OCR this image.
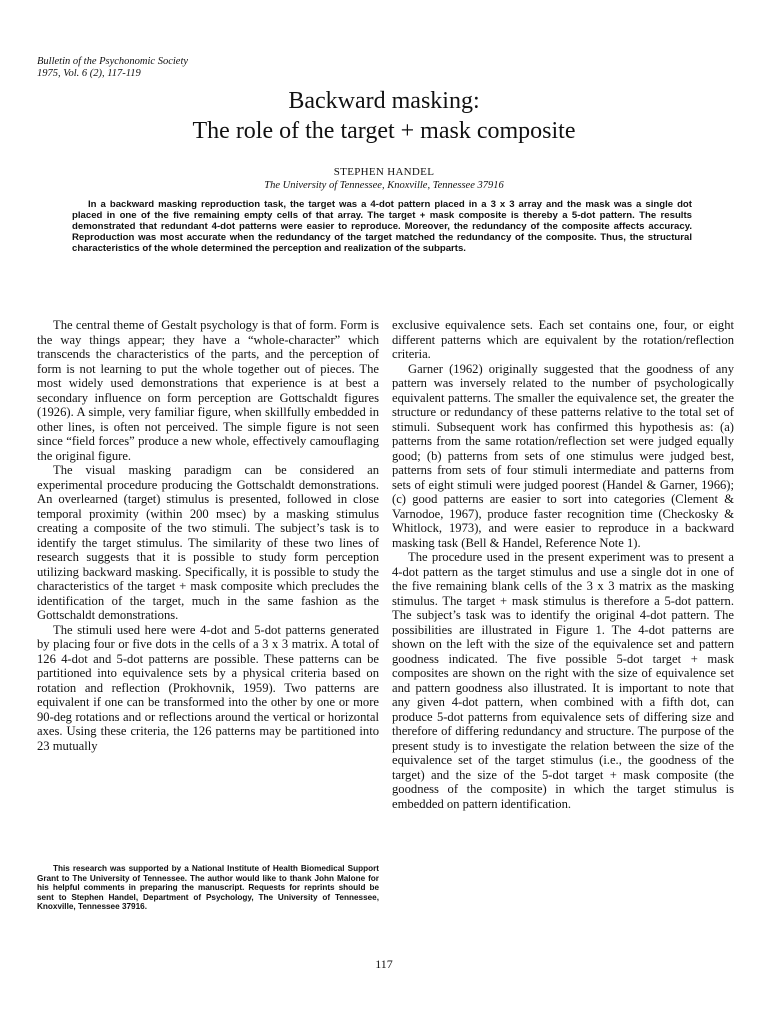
Bulletin of the Psychonomic Society
1975, Vol. 6 (2), 117-119
Backward masking:
The role of the target + mask composite
STEPHEN HANDEL
The University of Tennessee, Knoxville, Tennessee 37916

In a backward masking reproduction task, the target was a 4-dot pattern placed in a 3 x 3 array and the mask was a single dot placed in one of the five remaining empty cells of that array. The target + mask composite is thereby a 5-dot pattern. The results demonstrated that redundant 4-dot patterns were easier to reproduce. Moreover, the redundancy of the composite affects accuracy. Reproduction was most accurate when the redundancy of the target matched the redundancy of the composite. Thus, the structural characteristics of the whole determined the perception and realization of the subparts.

The central theme of Gestalt psychology is that of form. Form is the way things appear; they have a “whole-character” which transcends the characteristics of the parts, and the perception of form is not learning to put the whole together out of pieces. The most widely used demonstrations that experience is at best a secondary influence on form perception are Gottschaldt figures (1926). A simple, very familiar figure, when skillfully embedded in other lines, is often not perceived. The simple figure is not seen since “field forces” produce a new whole, effectively camouflaging the original figure.

The visual masking paradigm can be considered an experimental procedure producing the Gottschaldt demonstrations. An overlearned (target) stimulus is presented, followed in close temporal proximity (within 200 msec) by a masking stimulus creating a composite of the two stimuli. The subject’s task is to identify the target stimulus. The similarity of these two lines of research suggests that it is possible to study form perception utilizing backward masking. Specifically, it is possible to study the characteristics of the target + mask composite which precludes the identification of the target, much in the same fashion as the Gottschaldt demonstrations.

The stimuli used here were 4-dot and 5-dot patterns generated by placing four or five dots in the cells of a 3 x 3 matrix. A total of 126 4-dot and 5-dot patterns are possible. These patterns can be partitioned into equivalence sets by a physical criteria based on rotation and reflection (Prokhovnik, 1959). Two patterns are equivalent if one can be transformed into the other by one or more 90-deg rotations and or reflections around the vertical or horizontal axes. Using these criteria, the 126 patterns may be partitioned into 23 mutually

This research was supported by a National Institute of Health Biomedical Support Grant to The University of Tennessee. The author would like to thank John Malone for his helpful comments in preparing the manuscript. Requests for reprints should be sent to Stephen Handel, Department of Psychology, The University of Tennessee, Knoxville, Tennessee 37916.

exclusive equivalence sets. Each set contains one, four, or eight different patterns which are equivalent by the rotation/reflection criteria.

Garner (1962) originally suggested that the goodness of any pattern was inversely related to the number of psychologically equivalent patterns. The smaller the equivalence set, the greater the structure or redundancy of these patterns relative to the total set of stimuli. Subsequent work has confirmed this hypothesis as: (a) patterns from the same rotation/reflection set were judged equally good; (b) patterns from sets of one stimulus were judged best, patterns from sets of four stimuli intermediate and patterns from sets of eight stimuli were judged poorest (Handel & Garner, 1966); (c) good patterns are easier to sort into categories (Clement & Varnodoe, 1967), produce faster recognition time (Checkosky & Whitlock, 1973), and were easier to reproduce in a backward masking task (Bell & Handel, Reference Note 1).

The procedure used in the present experiment was to present a 4-dot pattern as the target stimulus and use a single dot in one of the five remaining blank cells of the 3 x 3 matrix as the masking stimulus. The target + mask stimulus is therefore a 5-dot pattern. The subject’s task was to identify the original 4-dot pattern. The possibilities are illustrated in Figure 1. The 4-dot patterns are shown on the left with the size of the equivalence set and pattern goodness indicated. The five possible 5-dot target + mask composites are shown on the right with the size of equivalence set and pattern goodness also illustrated. It is important to note that any given 4-dot pattern, when combined with a fifth dot, can produce 5-dot patterns from equivalence sets of differing size and therefore of differing redundancy and structure. The purpose of the present study is to investigate the relation between the size of the equivalence set of the target stimulus (i.e., the goodness of the target) and the size of the 5-dot target + mask composite (the goodness of the composite) in which the target stimulus is embedded on pattern identification.

117
